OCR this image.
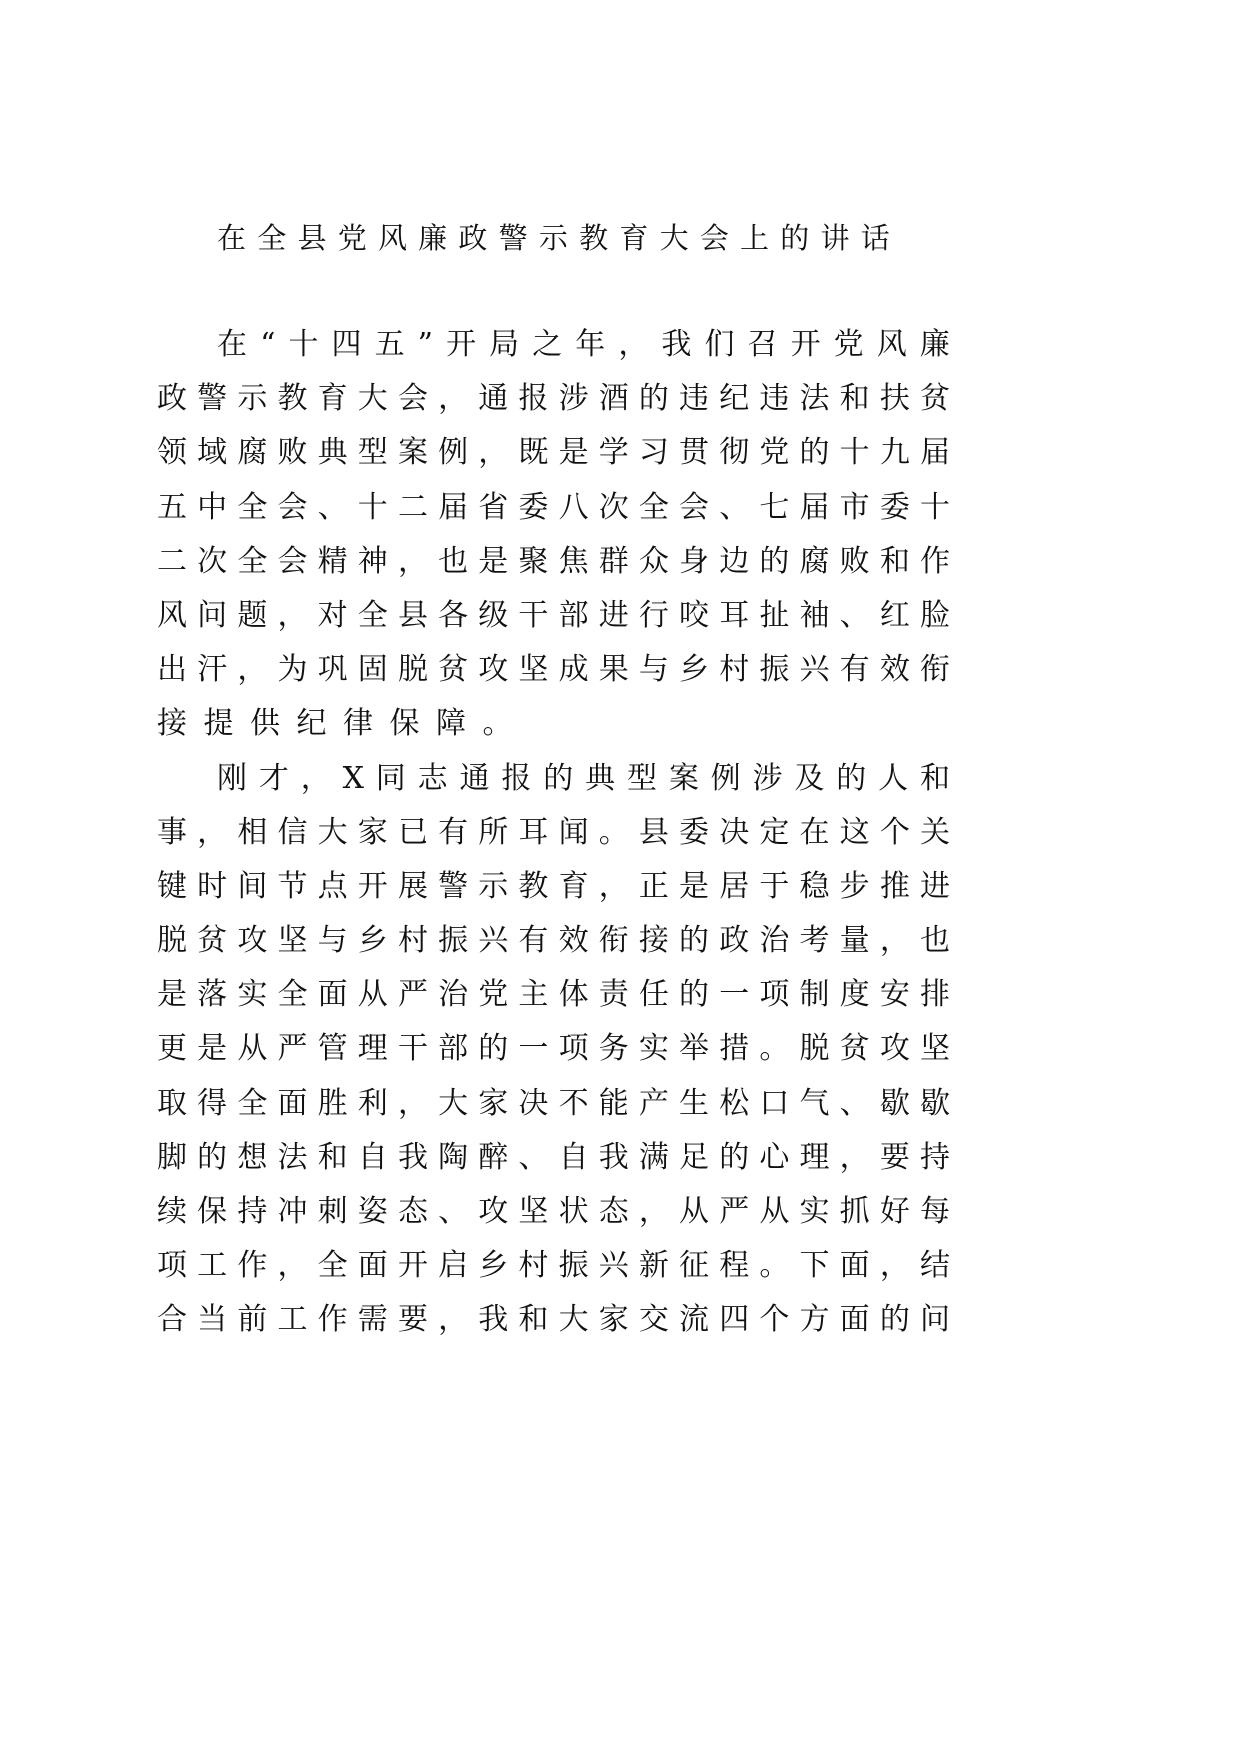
在 全 县 党 风 廉 政 警 示 教 育 大 会 上 的 讲 话
在 “ 十 四 五 ” 开 局 之 年 ， 我 们 召 开 党 风 廉
政 警 示 教 育 大 会 ， 通 报 涉 酒 的 违 纪 违 法 和 扶 贫
领 域 腐 败 典 型 案 例 ， 既 是 学 习 贯 彻 党 的 十 九 届
五 中 全 会 、 十 二 届 省 委 八 次 全 会 、 七 届 市 委 十
二 次 全 会 精 神 ， 也 是 聚 焦 群 众 身 边 的 腐 败 和 作
风 问 题 ， 对 全 县 各 级 干 部 进 行 咬 耳 扯 袖 、 红 脸
出 汗 ， 为 巩 固 脱 贫 攻 坚 成 果 与 乡 村 振 兴 有 效 衔
接提供纪律保障。
刚 才 ， X 同 志 通 报 的 典 型 案 例 涉 及 的 人 和
事 ， 相 信 大 家 已 有 所 耳 闻 。 县 委 决 定 在 这 个 关
键 时 间 节 点 开 展 警 示 教 育 ， 正 是 居 于 稳 步 推 进
脱 贫 攻 坚 与 乡 村 振 兴 有 效 衔 接 的 政 治 考 量 ， 也
是 落 实 全 面 从 严 治 党 主 体 责 任 的 一 项 制 度 安 排
更 是 从 严 管 理 干 部 的 一 项 务 实 举 措 。 脱 贫 攻 坚
取 得 全 面 胜 利 ， 大 家 决 不 能 产 生 松 口 气 、 歇 歇
脚 的 想 法 和 自 我 陶 醉 、 自 我 满 足 的 心 理 ， 要 持
续 保 持 冲 刺 姿 态 、 攻 坚 状 态 ， 从 严 从 实 抓 好 每
项 工 作 ， 全 面 开 启 乡 村 振 兴 新 征 程 。 下 面 ， 结
合 当 前 工 作 需 要 ， 我 和 大 家 交 流 四 个 方 面 的 问
